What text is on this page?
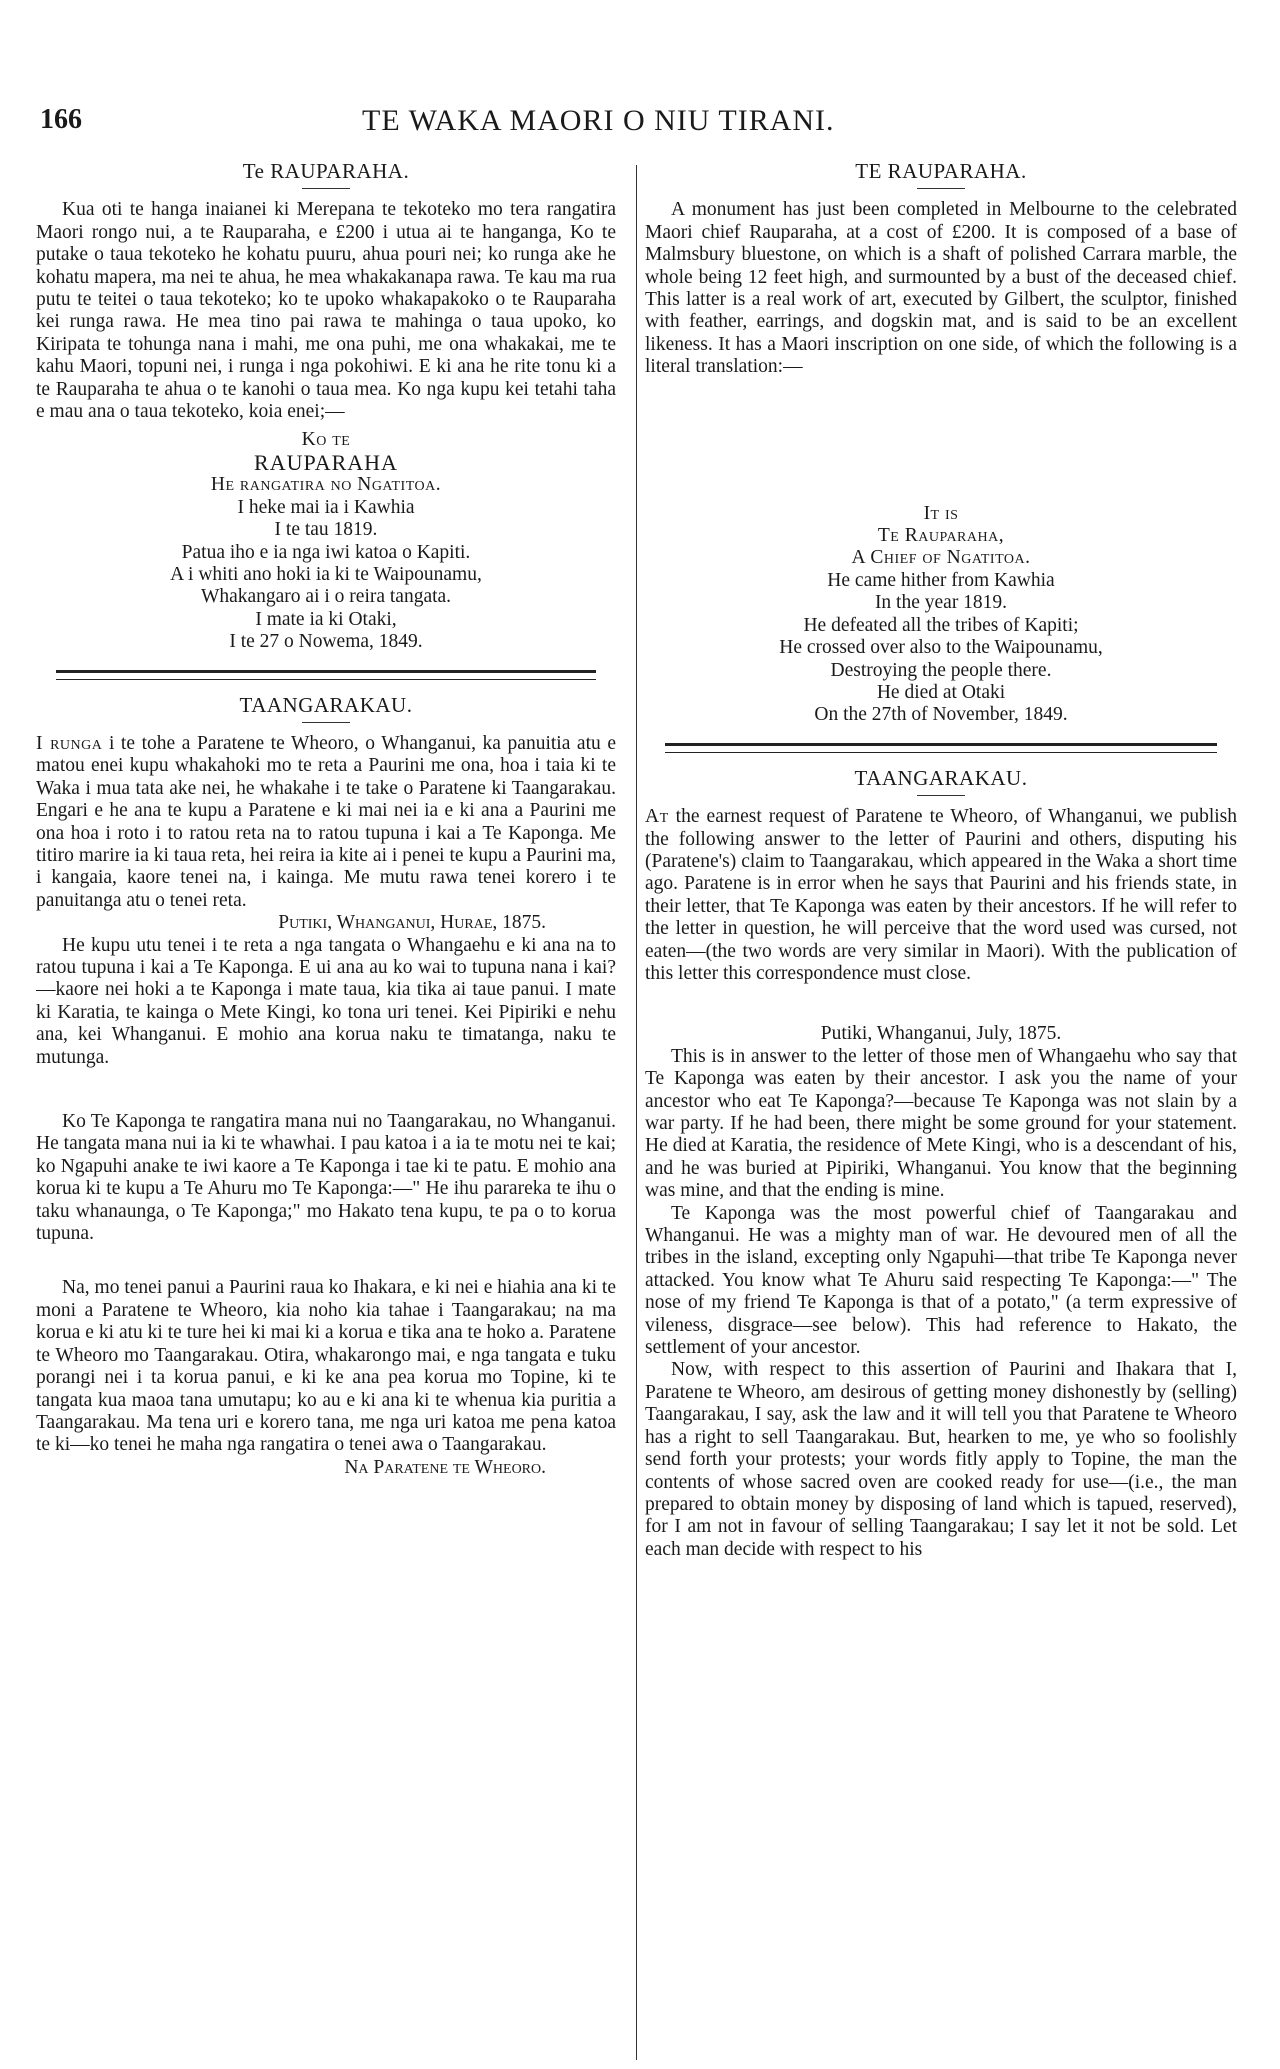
166	TE WAKA MAORI O NIU TIRANI.
Te RAUPARAHA.

Kua oti te hanga inaianei ki Merepana te tekoteko mo tera rangatira Maori rongo nui, a te Rauparaha, e £200 i utua ai te hanganga, Ko te putake o taua tekoteko he kohatu puuru, ahua pouri nei; ko runga ake he kohatu mapera, ma nei te ahua, he mea whakakanapa rawa. Te kau ma rua putu te teitei o taua tekoteko; ko te upoko whakapakoko o te Rauparaha kei runga rawa. He mea tino pai rawa te mahinga o taua upoko, ko Kiripata te tohunga nana i mahi, me ona puhi, me ona whakakai, me te kahu Maori, topuni nei, i runga i nga pokohiwi. E ki ana he rite tonu ki a te Rauparaha te ahua o te kanohi o taua mea. Ko nga kupu kei tetahi taha e mau ana o taua tekoteko, koia enei;—

Ko te

RAUPARAHA

He rangatira no Ngatitoa.

I heke mai ia i Kawhia

I te tau 1819.

Patua iho e ia nga iwi katoa o Kapiti.

A i whiti ano hoki ia ki te Waipounamu,

Whakangaro ai i o reira tangata.

I mate ia ki Otaki,

I te 27 o Nowema, 1849.

TAANGARAKAU.

I runga i te tohe a Paratene te Wheoro, o Whanganui, ka panuitia atu e matou enei kupu whakahoki mo te reta a Paurini me ona, hoa i taia ki te Waka i mua tata ake nei, he whakahe i te take o Paratene ki Taangarakau. Engari e he ana te kupu a Paratene e ki mai nei ia e ki ana a Paurini me ona hoa i roto i to ratou reta na to ratou tupuna i kai a Te Kaponga. Me titiro marire ia ki taua reta, hei reira ia kite ai i penei te kupu a Paurini ma, i kangaia, kaore tenei na, i kainga. Me mutu rawa tenei korero i te panuitanga atu o tenei reta.

Putiki, Whanganui, Hurae, 1875.

He kupu utu tenei i te reta a nga tangata o Whangaehu e ki ana na to ratou tupuna i kai a Te Kaponga. E ui ana au ko wai to tupuna nana i kai? —kaore nei hoki a te Kaponga i mate taua, kia tika ai taue panui. I mate ki Karatia, te kainga o Mete Kingi, ko tona uri tenei. Kei Pipiriki e nehu ana, kei Whanganui. E mohio ana korua naku te timatanga, naku te mutunga.

Ko Te Kaponga te rangatira mana nui no Taangarakau, no Whanganui. He tangata mana nui ia ki te whawhai. I pau katoa i a ia te motu nei te kai; ko Ngapuhi anake te iwi kaore a Te Kaponga i tae ki te patu. E mohio ana korua ki te kupu a Te Ahuru mo Te Kaponga:—" He ihu parareka te ihu o taku whanaunga, o Te Kaponga;" mo Hakato tena kupu, te pa o to korua tupuna.

Na, mo tenei panui a Paurini raua ko Ihakara, e ki nei e hiahia ana ki te moni a Paratene te Wheoro, kia noho kia tahae i Taangarakau; na ma korua e ki atu ki te ture hei ki mai ki a korua e tika ana te hoko a. Paratene te Wheoro mo Taangarakau. Otira, whakarongo mai, e nga tangata e tuku porangi nei i ta korua panui, e ki ke ana pea korua mo Topine, ki te tangata kua maoa tana umutapu; ko au e ki ana ki te whenua kia puritia a Taangarakau. Ma tena uri e korero tana, me nga uri katoa me pena katoa te ki—ko tenei he maha nga rangatira o tenei awa o Taangarakau.

Na Paratene te Wheoro.

TE RAUPARAHA.

A monument has just been completed in Melbourne to the celebrated Maori chief Rauparaha, at a cost of £200. It is composed of a base of Malmsbury bluestone, on which is a shaft of polished Carrara marble, the whole being 12 feet high, and surmounted by a bust of the deceased chief. This latter is a real work of art, executed by Gilbert, the sculptor, finished with feather, earrings, and dogskin mat, and is said to be an excellent likeness. It has a Maori inscription on one side, of which the following is a literal translation:—

It is

Te Rauparaha,

A Chief of Ngatitoa.

He came hither from Kawhia

In the year 1819.

He defeated all the tribes of Kapiti;

He crossed over also to the Waipounamu,

Destroying the people there.

He died at Otaki

On the 27th of November, 1849.

TAANGARAKAU.

At the earnest request of Paratene te Wheoro, of Whanganui, we publish the following answer to the letter of Paurini and others, disputing his (Paratene's) claim to Taangarakau, which appeared in the Waka a short time ago. Paratene is in error when he says that Paurini and his friends state, in their letter, that Te Kaponga was eaten by their ancestors. If he will refer to the letter in question, he will perceive that the word used was cursed, not eaten—(the two words are very similar in Maori). With the publication of this letter this correspondence must close.

Putiki, Whanganui, July, 1875.

This is in answer to the letter of those men of Whangaehu who say that Te Kaponga was eaten by their ancestor. I ask you the name of your ancestor who eat Te Kaponga?—because Te Kaponga was not slain by a war party. If he had been, there might be some ground for your statement. He died at Karatia, the residence of Mete Kingi, who is a descendant of his, and he was buried at Pipiriki, Whanganui. You know that the beginning was mine, and that the ending is mine.

Te Kaponga was the most powerful chief of Taangarakau and Whanganui. He was a mighty man of war. He devoured men of all the tribes in the island, excepting only Ngapuhi—that tribe Te Kaponga never attacked. You know what Te Ahuru said respecting Te Kaponga:—" The nose of my friend Te Kaponga is that of a potato," (a term expressive of vileness, disgrace—see below). This had reference to Hakato, the settlement of your ancestor.

Now, with respect to this assertion of Paurini and Ihakara that I, Paratene te Wheoro, am desirous of getting money dishonestly by (selling) Taangarakau, I say, ask the law and it will tell you that Paratene te Wheoro has a right to sell Taangarakau. But, hearken to me, ye who so foolishly send forth your protests; your words fitly apply to Topine, the man the contents of whose sacred oven are cooked ready for use—(i.e., the man prepared to obtain money by disposing of land which is tapued, reserved), for I am not in favour of selling Taangarakau; I say let it not be sold. Let each man decide with respect to his
